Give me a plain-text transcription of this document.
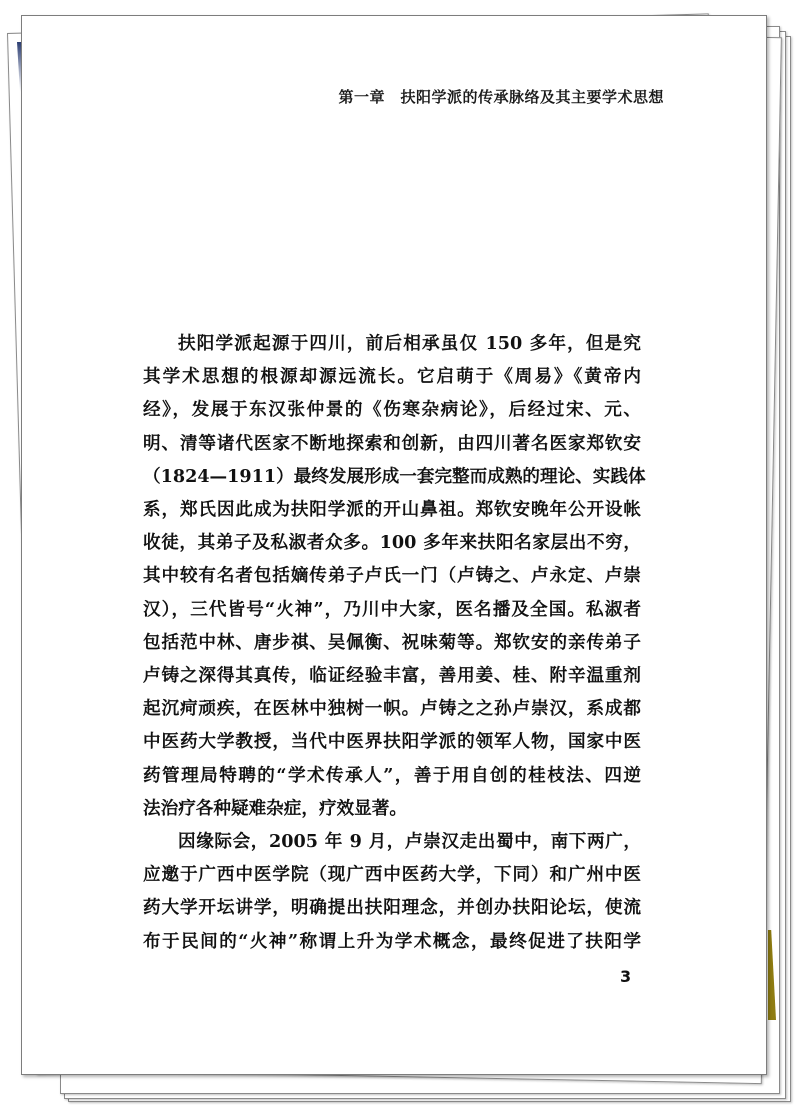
第一章　扶阳学派的传承脉络及其主要学术思想

扶阳学派起源于四川，前后相承虽仅 150 多年，但是究
其学术思想的根源却源远流长。它启萌于《周易》《黄帝内
经》，发展于东汉张仲景的《伤寒杂病论》，后经过宋、元、
明、清等诸代医家不断地探索和创新，由四川著名医家郑钦安
（1824—1911）最终发展形成一套完整而成熟的理论、实践体
系，郑氏因此成为扶阳学派的开山鼻祖。郑钦安晚年公开设帐
收徒，其弟子及私淑者众多。100 多年来扶阳名家层出不穷，
其中较有名者包括嫡传弟子卢氏一门（卢铸之、卢永定、卢崇
汉），三代皆号“火神”，乃川中大家，医名播及全国。私淑者
包括范中林、唐步祺、吴佩衡、祝味菊等。郑钦安的亲传弟子
卢铸之深得其真传，临证经验丰富，善用姜、桂、附辛温重剂
起沉疴顽疾，在医林中独树一帜。卢铸之之孙卢崇汉，系成都
中医药大学教授，当代中医界扶阳学派的领军人物，国家中医
药管理局特聘的“学术传承人”，善于用自创的桂枝法、四逆
法治疗各种疑难杂症，疗效显著。

因缘际会，2005 年 9 月，卢崇汉走出蜀中，南下两广，
应邀于广西中医学院（现广西中医药大学，下同）和广州中医
药大学开坛讲学，明确提出扶阳理念，并创办扶阳论坛，使流
布于民间的“火神”称谓上升为学术概念，最终促进了扶阳学

3
